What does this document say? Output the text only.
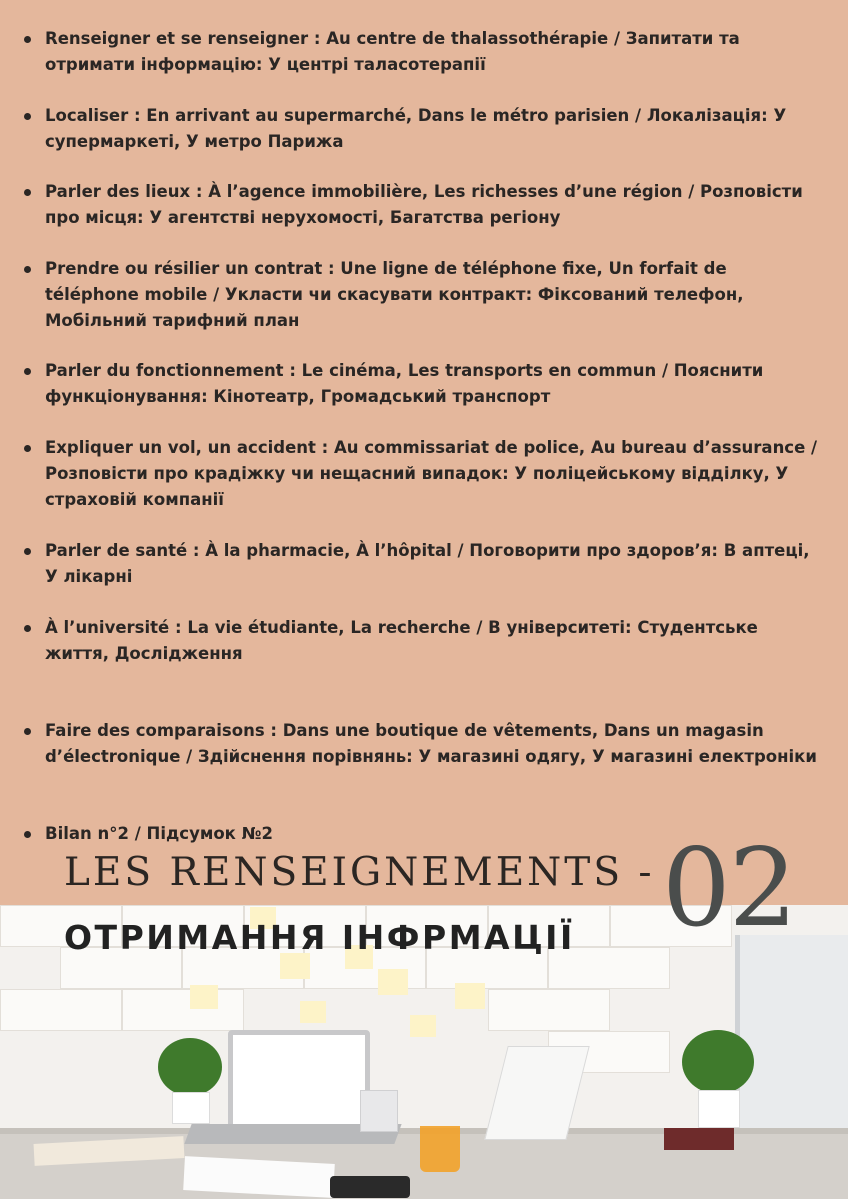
Renseigner et se renseigner : Au centre de thalassothérapie / Запитати та отримати інформацію: У центрі таласотерапії
Localiser : En arrivant au supermarché, Dans le métro parisien / Локалізація: У супермаркеті, У метро Парижа
Parler des lieux : À l’agence immobilière, Les richesses d’une région / Розповісти про місця: У агентстві нерухомості, Багатства регіону
Prendre ou résilier un contrat : Une ligne de téléphone fixe, Un forfait de téléphone mobile / Укласти чи скасувати контракт: Фіксований телефон, Мобільний тарифний план
Parler du fonctionnement : Le cinéma, Les transports en commun / Пояснити функціонування: Кінотеатр, Громадський транспорт
Expliquer un vol, un accident : Au commissariat de police, Au bureau d’assurance / Розповісти про крадіжку чи нещасний випадок: У поліцейському відділку, У страховій компанії
Parler de santé : À la pharmacie, À l’hôpital / Поговорити про здоров’я: В аптеці, У лікарні
À l’université : La vie étudiante, La recherche / В університеті: Студентське життя, Дослідження
Faire des comparaisons : Dans une boutique de vêtements, Dans un magasin d’électronique / Здійснення порівнянь: У магазині одягу, У магазині електроніки
Bilan n°2 / Підсумок №2
LES RENSEIGNEMENTS -
ОТРИМАННЯ ІНФРМАЦІЇ 02
